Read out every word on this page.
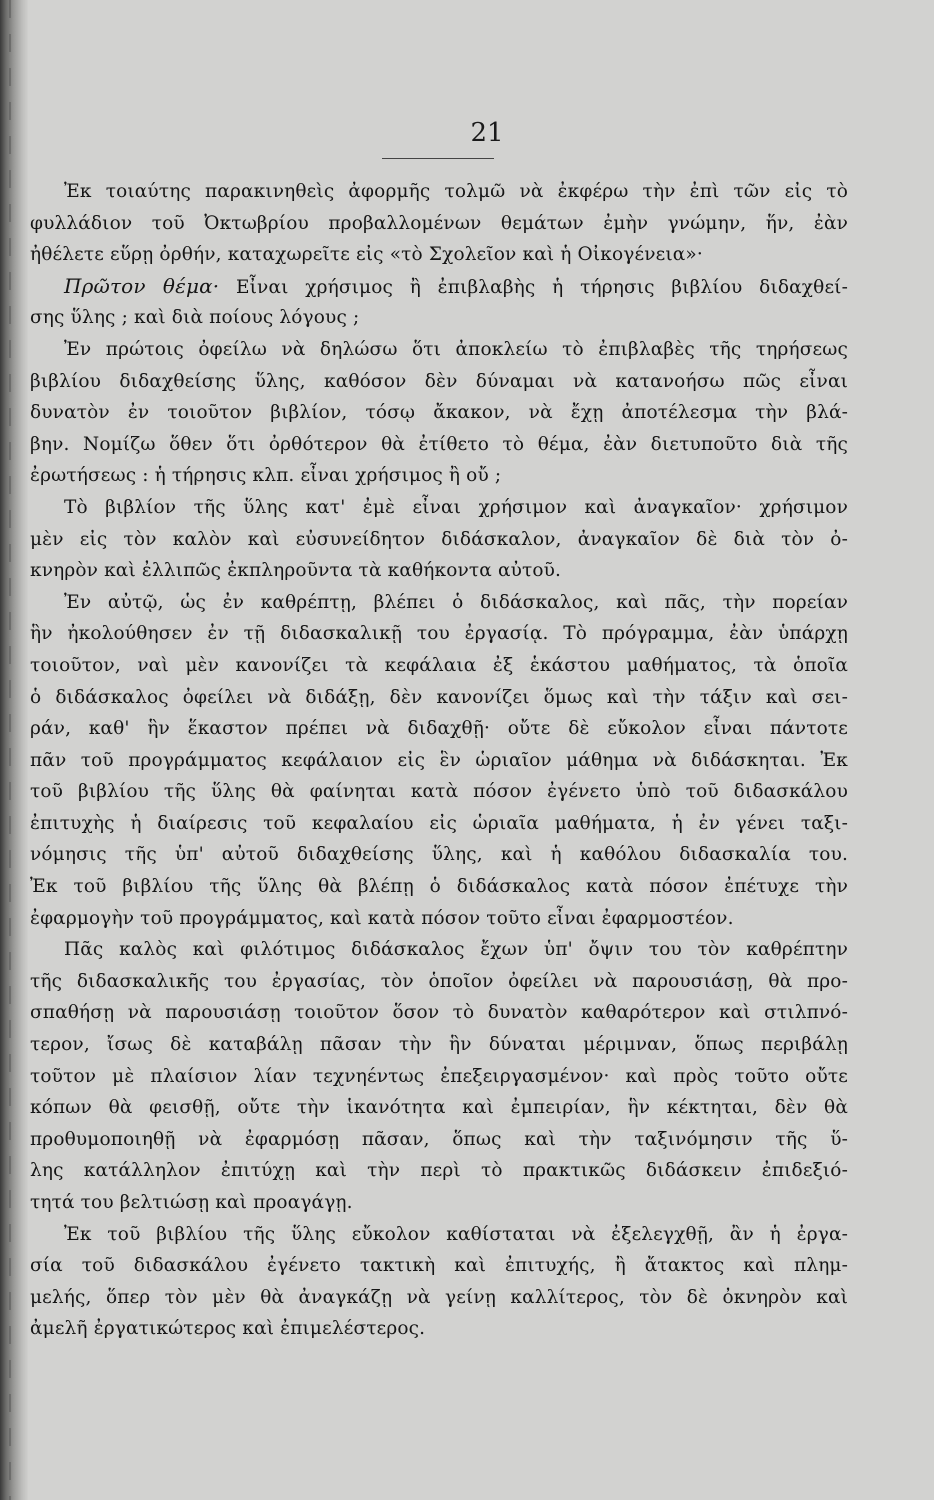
21
Ἐκ τοιαύτης παρακινηθεὶς ἀφορμῆς τολμῶ νὰ ἐκφέρω τὴν ἐπὶ τῶν εἰς τὸ
φυλλάδιον τοῦ Ὀκτωβρίου προβαλλομένων θεμάτων ἐμὴν γνώμην, ἥν, ἐὰν
ἠθέλετε εὕρῃ ὀρθήν, καταχωρεῖτε εἰς «τὸ Σχολεῖον καὶ ἡ Οἰκογένεια»·
Πρῶτον θέμα· Εἶναι χρήσιμος ἢ ἐπιβλαβὴς ἡ τήρησις βιβλίου διδαχθεί-
σης ὕλης ; καὶ διὰ ποίους λόγους ;
Ἐν πρώτοις ὀφείλω νὰ δηλώσω ὅτι ἀποκλείω τὸ ἐπιβλαβὲς τῆς τηρήσεως
βιβλίου διδαχθείσης ὕλης, καθόσον δὲν δύναμαι νὰ κατανοήσω πῶς εἶναι
δυνατὸν ἐν τοιοῦτον βιβλίον, τόσῳ ἄκακον, νὰ ἔχῃ ἀποτέλεσμα τὴν βλά-
βην. Νομίζω ὅθεν ὅτι ὀρθότερον θὰ ἐτίθετο τὸ θέμα, ἐὰν διετυποῦτο διὰ τῆς
ἐρωτήσεως : ἡ τήρησις κλπ. εἶναι χρήσιμος ἢ οὔ ;
Τὸ βιβλίον τῆς ὕλης κατ' ἐμὲ εἶναι χρήσιμον καὶ ἀναγκαῖον· χρήσιμον
μὲν εἰς τὸν καλὸν καὶ εὐσυνείδητον διδάσκαλον, ἀναγκαῖον δὲ διὰ τὸν ὀ-
κνηρὸν καὶ ἐλλιπῶς ἐκπληροῦντα τὰ καθήκοντα αὐτοῦ.
Ἐν αὐτῷ, ὡς ἐν καθρέπτῃ, βλέπει ὁ διδάσκαλος, καὶ πᾶς, τὴν πορείαν
ἣν ἠκολούθησεν ἐν τῇ διδασκαλικῇ του ἐργασίᾳ. Τὸ πρόγραμμα, ἐὰν ὑπάρχῃ
τοιοῦτον, ναὶ μὲν κανονίζει τὰ κεφάλαια ἐξ ἑκάστου μαθήματος, τὰ ὁποῖα
ὁ διδάσκαλος ὀφείλει νὰ διδάξῃ, δὲν κανονίζει ὅμως καὶ τὴν τάξιν καὶ σει-
ράν, καθ' ἣν ἕκαστον πρέπει νὰ διδαχθῇ· οὔτε δὲ εὔκολον εἶναι πάντοτε
πᾶν τοῦ προγράμματος κεφάλαιον εἰς ἓν ὡριαῖον μάθημα νὰ διδάσκηται. Ἐκ
τοῦ βιβλίου τῆς ὕλης θὰ φαίνηται κατὰ πόσον ἐγένετο ὑπὸ τοῦ διδασκάλου
ἐπιτυχὴς ἡ διαίρεσις τοῦ κεφαλαίου εἰς ὡριαῖα μαθήματα, ἡ ἐν γένει ταξι-
νόμησις τῆς ὑπ' αὐτοῦ διδαχθείσης ὕλης, καὶ ἡ καθόλου διδασκαλία του.
Ἐκ τοῦ βιβλίου τῆς ὕλης θὰ βλέπῃ ὁ διδάσκαλος κατὰ πόσον ἐπέτυχε τὴν
ἐφαρμογὴν τοῦ προγράμματος, καὶ κατὰ πόσον τοῦτο εἶναι ἐφαρμοστέον.
Πᾶς καλὸς καὶ φιλότιμος διδάσκαλος ἔχων ὑπ' ὄψιν του τὸν καθρέπτην
τῆς διδασκαλικῆς του ἐργασίας, τὸν ὁποῖον ὀφείλει νὰ παρουσιάσῃ, θὰ προ-
σπαθήσῃ νὰ παρουσιάσῃ τοιοῦτον ὅσον τὸ δυνατὸν καθαρότερον καὶ στιλπνό-
τερον, ἴσως δὲ καταβάλῃ πᾶσαν τὴν ἣν δύναται μέριμναν, ὅπως περιβάλῃ
τοῦτον μὲ πλαίσιον λίαν τεχνηέντως ἐπεξειργασμένον· καὶ πρὸς τοῦτο οὔτε
κόπων θὰ φεισθῇ, οὔτε τὴν ἱκανότητα καὶ ἐμπειρίαν, ἣν κέκτηται, δὲν θὰ
προθυμοποιηθῇ νὰ ἐφαρμόσῃ πᾶσαν, ὅπως καὶ τὴν ταξινόμησιν τῆς ὕ-
λης κατάλληλον ἐπιτύχῃ καὶ τὴν περὶ τὸ πρακτικῶς διδάσκειν ἐπιδεξιό-
τητά του βελτιώσῃ καὶ προαγάγῃ.
Ἐκ τοῦ βιβλίου τῆς ὕλης εὔκολον καθίσταται νὰ ἐξελεγχθῇ, ἂν ἡ ἐργα-
σία τοῦ διδασκάλου ἐγένετο τακτικὴ καὶ ἐπιτυχής, ἢ ἄτακτος καὶ πλημ-
μελής, ὅπερ τὸν μὲν θὰ ἀναγκάζῃ νὰ γείνῃ καλλίτερος, τὸν δὲ ὀκνηρὸν καὶ
ἀμελῆ ἐργατικώτερος καὶ ἐπιμελέστερος.
